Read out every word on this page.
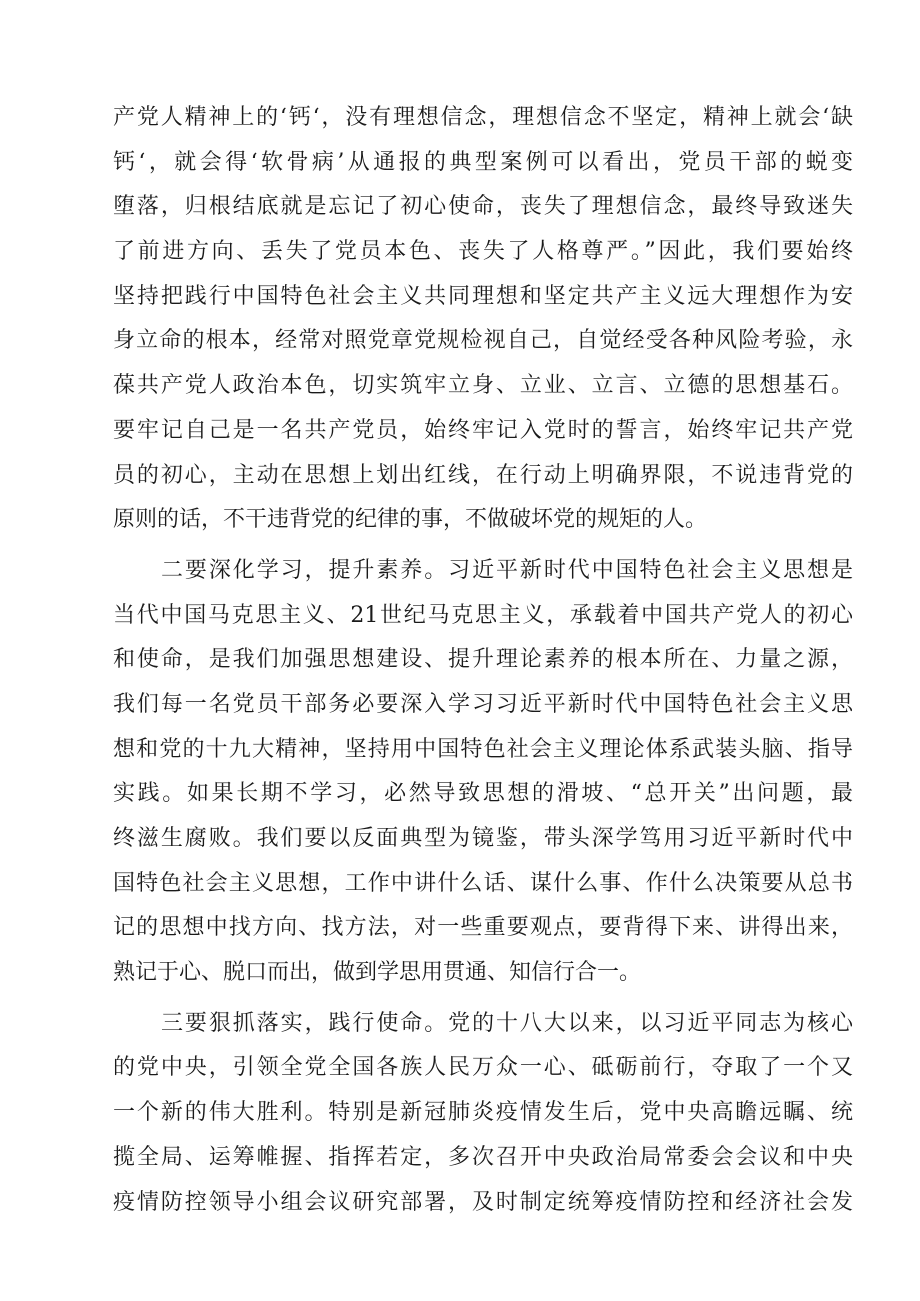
产党人精神上的‘钙‘，没有理想信念，理想信念不坚定，精神上就会‘缺
钙‘，就会得‘软骨病’从通报的典型案例可以看出，党员干部的蜕变
堕落，归根结底就是忘记了初心使命，丧失了理想信念，最终导致迷失
了前进方向、丢失了党员本色、丧失了人格尊严。”因此，我们要始终
坚持把践行中国特色社会主义共同理想和坚定共产主义远大理想作为安
身立命的根本，经常对照党章党规检视自己，自觉经受各种风险考验，永
葆共产党人政治本色，切实筑牢立身、立业、立言、立德的思想基石。
要牢记自己是一名共产党员，始终牢记入党时的誓言，始终牢记共产党
员的初心，主动在思想上划出红线，在行动上明确界限，不说违背党的
原则的话，不干违背党的纪律的事，不做破坏党的规矩的人。
二要深化学习，提升素养。习近平新时代中国特色社会主义思想是
当代中国马克思主义、21世纪马克思主义，承载着中国共产党人的初心
和使命，是我们加强思想建设、提升理论素养的根本所在、力量之源，
我们每一名党员干部务必要深入学习习近平新时代中国特色社会主义思
想和党的十九大精神，坚持用中国特色社会主义理论体系武装头脑、指导
实践。如果长期不学习，必然导致思想的滑坡、“总开关”出问题，最
终滋生腐败。我们要以反面典型为镜鉴，带头深学笃用习近平新时代中
国特色社会主义思想，工作中讲什么话、谋什么事、作什么决策要从总书
记的思想中找方向、找方法，对一些重要观点，要背得下来、讲得出来，
熟记于心、脱口而出，做到学思用贯通、知信行合一。
三要狠抓落实，践行使命。党的十八大以来，以习近平同志为核心
的党中央，引领全党全国各族人民万众一心、砥砺前行，夺取了一个又
一个新的伟大胜利。特别是新冠肺炎疫情发生后，党中央高瞻远瞩、统
揽全局、运筹帷握、指挥若定，多次召开中央政治局常委会会议和中央
疫情防控领导小组会议研究部署，及时制定统筹疫情防控和经济社会发
